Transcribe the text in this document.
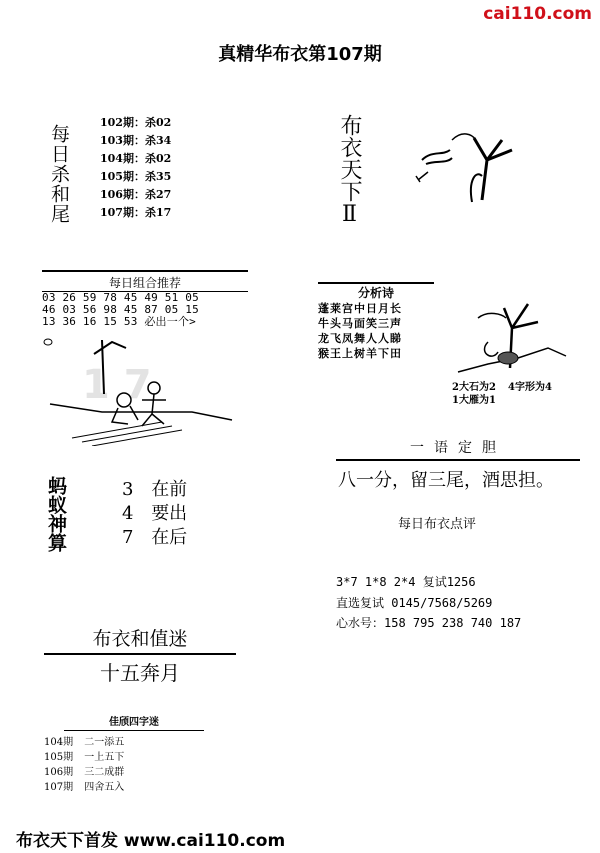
cai110.com
真精华布衣第107期
每日杀和尾
102期：杀02
103期：杀34
104期：杀02
105期：杀35
106期：杀27
107期：杀17	布衣天下Ⅱ
每日组合推荐
03 26 59 78 45 49 51 05
46 03 56 98 45 87 05 15
13 36 16 15 53 必出一个>
1 7
分析诗
蓬莱宫中日月长
牛头马面笑三声
龙飞凤舞人人睇
猴王上树羊下田
2大石为2 4字形为4
1大雁为1
蚂蚁神算	3 在前
4 要出
7 在后
一语定胆
八一分，留三尾，酒思担。
每日布衣点评
3*7 1*8 2*4 复试1256
直选复试 0145/7568/5269
心水号：158 795 238 740 187
布衣和值迷
十五奔月
佳颀四字迷
104期 二一添五
105期 一上五下
106期 三二成群
107期 四舍五入
布衣天下首发 www.cai110.com
